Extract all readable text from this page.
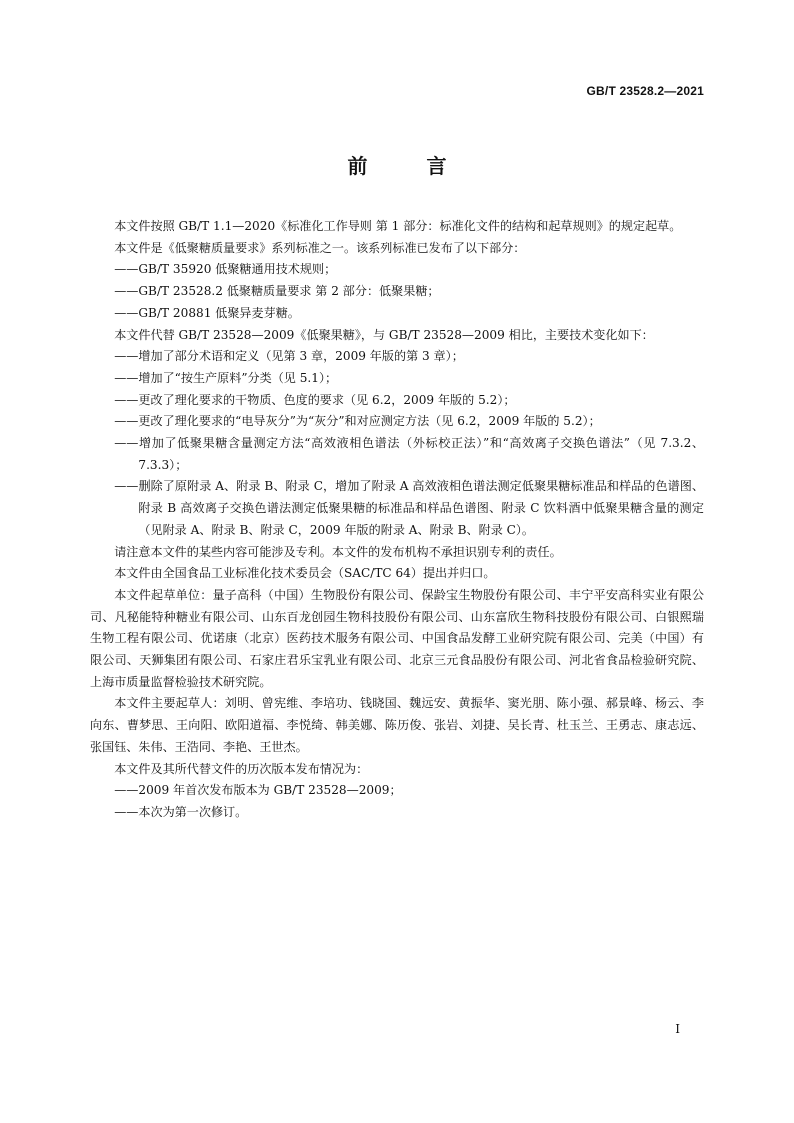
GB/T 23528.2—2021
前 言

本文件按照 GB/T 1.1—2020《标准化工作导则 第 1 部分：标准化文件的结构和起草规则》的规定起草。

本文件是《低聚糖质量要求》系列标准之一。该系列标准已发布了以下部分：

——GB/T 35920 低聚糖通用技术规则；

——GB/T 23528.2 低聚糖质量要求 第 2 部分：低聚果糖；

——GB/T 20881 低聚异麦芽糖。

本文件代替 GB/T 23528—2009《低聚果糖》，与 GB/T 23528—2009 相比，主要技术变化如下：

——增加了部分术语和定义（见第 3 章，2009 年版的第 3 章）；

——增加了“按生产原料”分类（见 5.1）；

——更改了理化要求的干物质、色度的要求（见 6.2，2009 年版的 5.2）；

——更改了理化要求的“电导灰分”为“灰分”和对应测定方法（见 6.2，2009 年版的 5.2）；

——增加了低聚果糖含量测定方法“高效液相色谱法（外标校正法）”和“高效离子交换色谱法”（见 7.3.2、7.3.3）；

——删除了原附录 A、附录 B、附录 C，增加了附录 A 高效液相色谱法测定低聚果糖标准品和样品的色谱图、附录 B 高效离子交换色谱法测定低聚果糖的标准品和样品色谱图、附录 C 饮料酒中低聚果糖含量的测定（见附录 A、附录 B、附录 C，2009 年版的附录 A、附录 B、附录 C）。

请注意本文件的某些内容可能涉及专利。本文件的发布机构不承担识别专利的责任。

本文件由全国食品工业标准化技术委员会（SAC/TC 64）提出并归口。

本文件起草单位：量子高科（中国）生物股份有限公司、保龄宝生物股份有限公司、丰宁平安高科实业有限公司、凡秘能特种糖业有限公司、山东百龙创园生物科技股份有限公司、山东富欣生物科技股份有限公司、白银熙瑞生物工程有限公司、优诺康（北京）医药技术服务有限公司、中国食品发酵工业研究院有限公司、完美（中国）有限公司、天狮集团有限公司、石家庄君乐宝乳业有限公司、北京三元食品股份有限公司、河北省食品检验研究院、上海市质量监督检验技术研究院。

本文件主要起草人：刘明、曾宪维、李培功、钱晓国、魏远安、黄振华、窦光朋、陈小强、郝景峰、杨云、李向东、曹梦思、王向阳、欧阳道福、李悦绮、韩美娜、陈历俊、张岩、刘捷、吴长青、杜玉兰、王勇志、康志远、张国钰、朱伟、王浩同、李艳、王世杰。

本文件及其所代替文件的历次版本发布情况为：

——2009 年首次发布版本为 GB/T 23528—2009；

——本次为第一次修订。

I
